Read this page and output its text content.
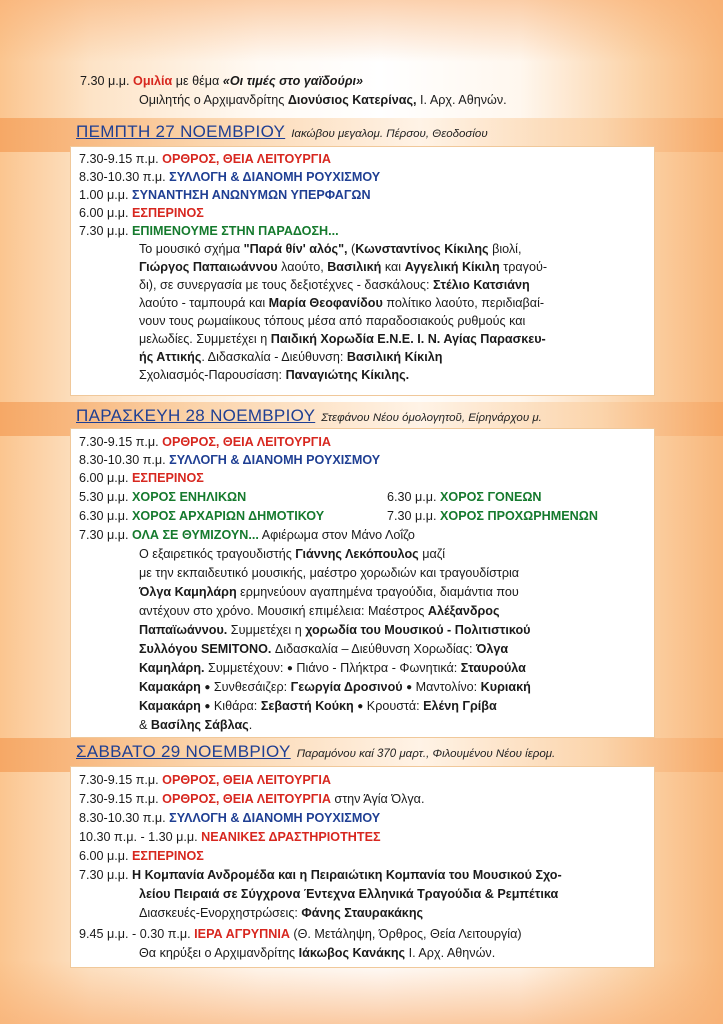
7.30 μ.μ. Ομιλία με θέμα «Οι τιμές στο γαϊδούρι»
Ομιλητής ο Αρχιμανδρίτης Διονύσιος Κατερίνας, Ι. Αρχ. Αθηνών.
ΠΕΜΠΤΗ 27 ΝΟΕΜΒΡΙΟΥ Ιακώβου μεγαλομ. Πέρσου, Θεοδοσίου
7.30-9.15 π.μ. ΟΡΘΡΟΣ, ΘΕΙΑ ΛΕΙΤΟΥΡΓΙΑ
8.30-10.30 π.μ. ΣΥΛΛΟΓΗ & ΔΙΑΝΟΜΗ ΡΟΥΧΙΣΜΟΥ
1.00 μ.μ. ΣΥΝΑΝΤΗΣΗ ΑΝΩΝΥΜΩΝ ΥΠΕΡΦΑΓΩΝ
6.00 μ.μ. ΕΣΠΕΡΙΝΟΣ
7.30 μ.μ. ΕΠΙΜΕΝΟΥΜΕ ΣΤΗΝ ΠΑΡΑΔΟΣΗ...
Το μουσικό σχήμα "Παρά θίν' αλός", (Κωνσταντίνος Κίκιλης βιολί,
Γιώργος Παπαιωάννου λαούτο, Βασιλική και Αγγελική Κίκιλη τραγού-
δι), σε συνεργασία με τους δεξιοτέχνες - δασκάλους: Στέλιο Κατσιάνη
λαούτο - ταμπουρά και Μαρία Θεοφανίδου πολίτικο λαούτο, περιδιαβαί-
νουν τους ρωμαίικους τόπους μέσα από παραδοσιακούς ρυθμούς και
μελωδίες. Συμμετέχει η Παιδική Χορωδία Ε.Ν.Ε. Ι. Ν. Αγίας Παρασκευ-
ής Αττικής. Διδασκαλία - Διεύθυνση: Βασιλική Κίκιλη
Σχολιασμός-Παρουσίαση: Παναγιώτης Κίκιλης.
ΠΑΡΑΣΚΕΥΗ 28 ΝΟΕΜΒΡΙΟΥ Στεφάνου Νέου όμολογητοῦ, Είρηνάρχου μ.
7.30-9.15 π.μ. ΟΡΘΡΟΣ, ΘΕΙΑ ΛΕΙΤΟΥΡΓΙΑ
8.30-10.30 π.μ. ΣΥΛΛΟΓΗ & ΔΙΑΝΟΜΗ ΡΟΥΧΙΣΜΟΥ
6.00 μ.μ. ΕΣΠΕΡΙΝΟΣ
5.30 μ.μ. ΧΟΡΟΣ ΕΝΗΛΙΚΩΝ	6.30 μ.μ. ΧΟΡΟΣ ΓΟΝΕΩΝ
6.30 μ.μ. ΧΟΡΟΣ ΑΡΧΑΡΙΩΝ ΔΗΜΟΤΙΚΟΥ	7.30 μ.μ. ΧΟΡΟΣ ΠΡΟΧΩΡΗΜΕΝΩΝ
7.30 μ.μ. ΟΛΑ ΣΕ ΘΥΜΙΖΟΥΝ... Αφιέρωμα στον Μάνο Λοΐζο
Ο εξαιρετικός τραγουδιστής Γιάννης Λεκόπουλος μαζί
με την εκπαιδευτικό μουσικής, μαέστρο χορωδιών και τραγουδίστρια
Όλγα Καμηλάρη ερμηνεύουν αγαπημένα τραγούδια, διαμάντια που
αντέχουν στο χρόνο. Μουσική επιμέλεια: Μαέστρος Αλέξανδρος
Παπαϊωάννου. Συμμετέχει η χορωδία του Μουσικού - Πολιτιστικού
Συλλόγου SEMITONO. Διδασκαλία – Διεύθυνση Χορωδίας: Όλγα
Καμηλάρη. Συμμετέχουν: ● Πιάνο - Πλήκτρα - Φωνητικά: Σταυρούλα
Καμακάρη ● Συνθεσάιζερ: Γεωργία Δροσινού ● Μαντολίνο: Κυριακή
Καμακάρη ● Κιθάρα: Σεβαστή Κούκη ● Κρουστά: Ελένη Γρίβα
& Βασίλης Σάβλας.
ΣΑΒΒΑΤΟ 29 ΝΟΕΜΒΡΙΟΥ Παραμόνου καί 370 μαρτ., Φιλουμένου Νέου ίερομ.
7.30-9.15 π.μ. ΟΡΘΡΟΣ, ΘΕΙΑ ΛΕΙΤΟΥΡΓΙΑ
7.30-9.15 π.μ. ΟΡΘΡΟΣ, ΘΕΙΑ ΛΕΙΤΟΥΡΓΙΑ στην Άγία Όλγα.
8.30-10.30 π.μ. ΣΥΛΛΟΓΗ & ΔΙΑΝΟΜΗ ΡΟΥΧΙΣΜΟΥ
10.30 π.μ. - 1.30 μ.μ. ΝΕΑΝΙΚΕΣ ΔΡΑΣΤΗΡΙΟΤΗΤΕΣ
6.00 μ.μ. ΕΣΠΕΡΙΝΟΣ
7.30 μ.μ. Η Κομπανία Ανδρομέδα και η Πειραιώτικη Κομπανία του Μουσικού Σχο-
λείου Πειραιά σε Σύγχρονα Έντεχνα Ελληνικά Τραγούδια & Ρεμπέτικα
Διασκευές-Ενορχηστρώσεις: Φάνης Σταυρακάκης
9.45 μ.μ. - 0.30 π.μ. ΙΕΡΑ ΑΓΡΥΠΝΙΑ (Θ. Μετάληψη, Όρθρος, Θεία Λειτουργία)
Θα κηρύξει ο Αρχιμανδρίτης Ιάκωβος Κανάκης Ι. Αρχ. Αθηνών.
